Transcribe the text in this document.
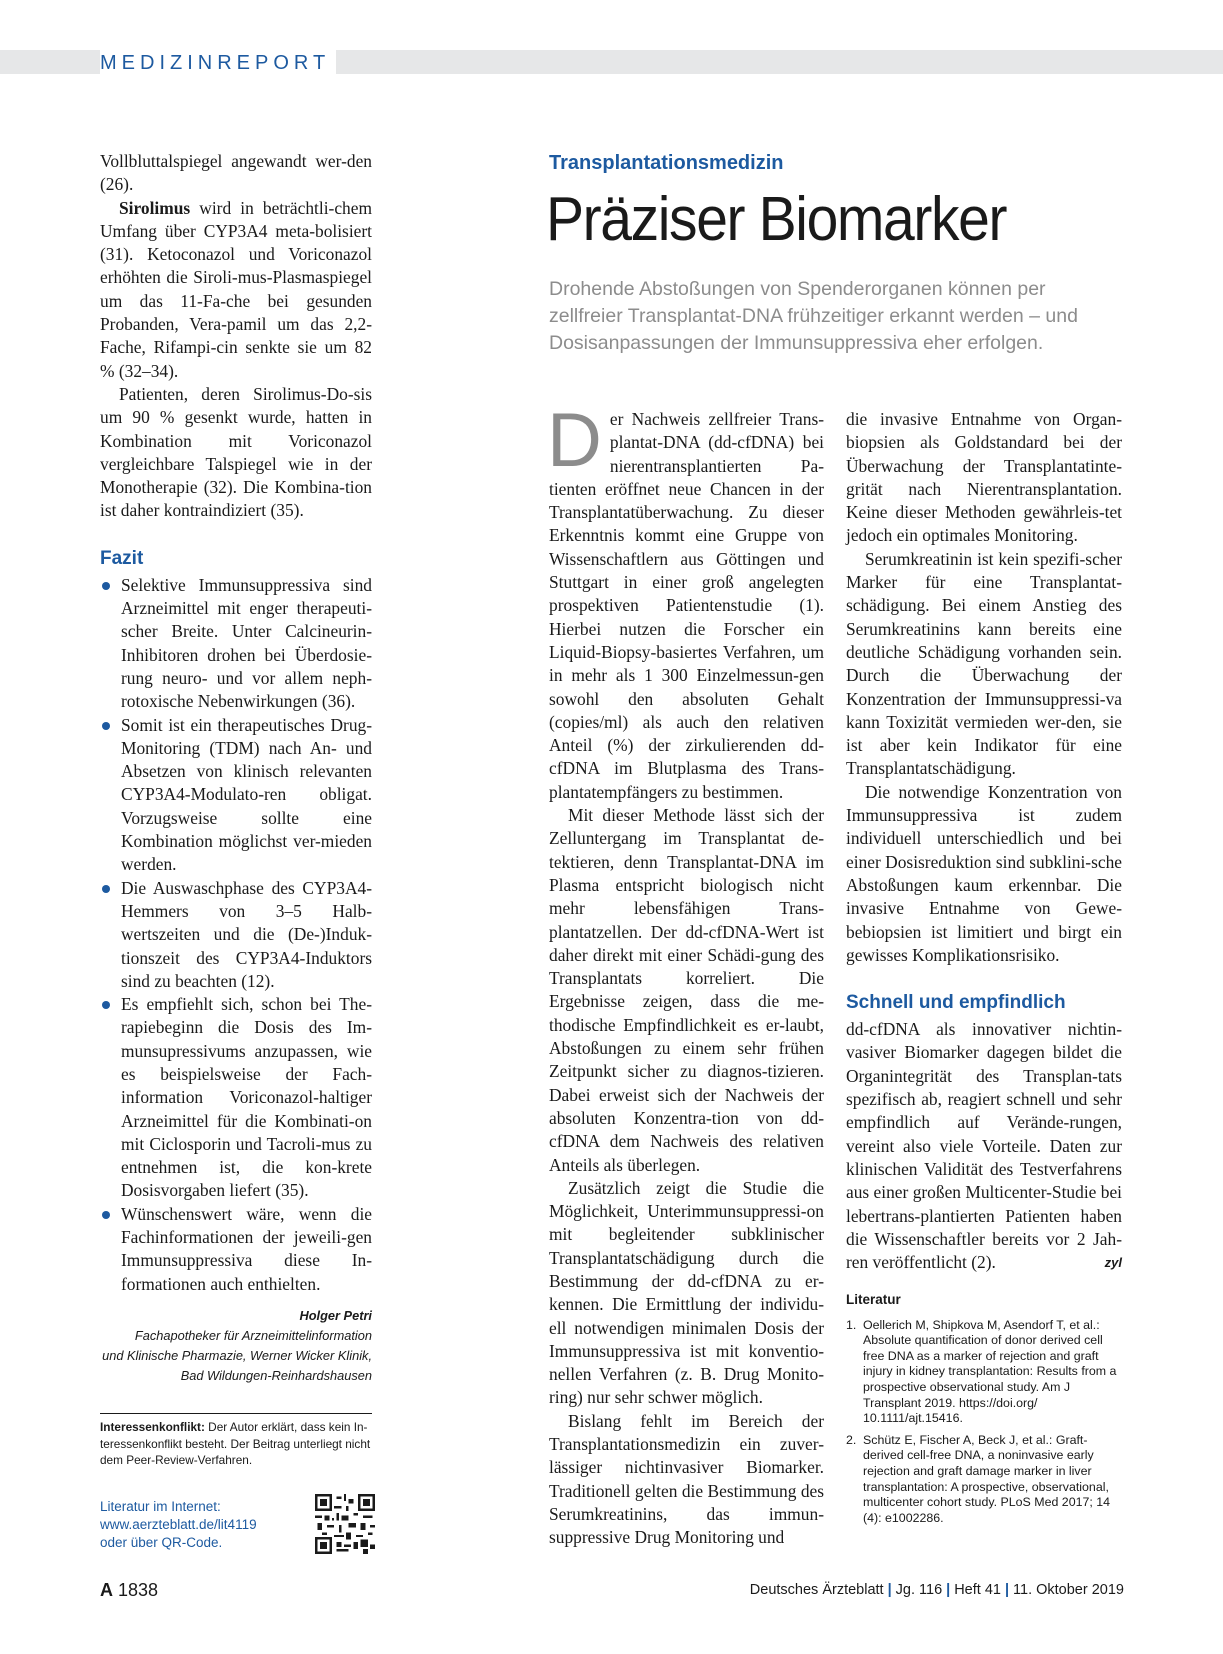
MEDIZINREPORT

Vollbluttalspiegel angewandt wer-den (26).

Sirolimus wird in beträchtli-chem Umfang über CYP3A4 meta-bolisiert (31). Ketoconazol und Voriconazol erhöhten die Siroli-mus-Plasmaspiegel um das 11-Fa-che bei gesunden Probanden, Vera-pamil um das 2,2-Fache, Rifampi-cin senkte sie um 82 % (32–34).

Patienten, deren Sirolimus-Do-sis um 90 % gesenkt wurde, hatten in Kombination mit Voriconazol vergleichbare Talspiegel wie in der Monotherapie (32). Die Kombina-tion ist daher kontraindiziert (35).

Fazit
Selektive Immunsuppressiva sind Arzneimittel mit enger therapeuti-scher Breite. Unter Calcineurin-Inhibitoren drohen bei Überdosie-rung neuro- und vor allem neph-rotoxische Nebenwirkungen (36).
Somit ist ein therapeutisches Drug-Monitoring (TDM) nach An- und Absetzen von klinisch relevanten CYP3A4-Modulato-ren obligat. Vorzugsweise sollte eine Kombination möglichst ver-mieden werden.
Die Auswaschphase des CYP3A4-Hemmers von 3–5 Halb-wertszeiten und die (De-)Induk-tionszeit des CYP3A4-Induktors sind zu beachten (12).
Es empfiehlt sich, schon bei The-rapiebeginn die Dosis des Im-munsupressivums anzupassen, wie es beispielsweise der Fach-information Voriconazol-haltiger Arzneimittel für die Kombinati-on mit Ciclosporin und Tacroli-mus zu entnehmen ist, die kon-krete Dosisvorgaben liefert (35).
Wünschenswert wäre, wenn die Fachinformationen der jeweili-gen Immunsuppressiva diese In-formationen auch enthielten.
Holger Petri
Fachapotheker für Arzneimittelinformation
und Klinische Pharmazie, Werner Wicker Klinik,
Bad Wildungen-Reinhardshausen
Interessenkonflikt: Der Autor erklärt, dass kein In-teressenkonflikt besteht. Der Beitrag unterliegt nicht dem Peer-Review-Verfahren.
Literatur im Internet:
www.aerzteblatt.de/lit4119
oder über QR-Code.
Transplantationsmedizin
Präziser Biomarker
Drohende Abstoßungen von Spenderorganen können per zellfreier Transplantat-DNA frühzeitiger erkannt werden – und Dosisanpassungen der Immunsuppressiva eher erfolgen.

Der Nachweis zellfreier Trans-plantat-DNA (dd-cfDNA) bei nierentransplantierten Pa-tienten eröffnet neue Chancen in der Transplantatüberwachung. Zu dieser Erkenntnis kommt eine Gruppe von Wissenschaftlern aus Göttingen und Stuttgart in einer groß angelegten prospektiven Patientenstudie (1). Hierbei nutzen die Forscher ein Liquid-Biopsy-basiertes Verfahren, um in mehr als 1 300 Einzelmessun-gen sowohl den absoluten Gehalt (copies/ml) als auch den relativen Anteil (%) der zirkulierenden dd-cfDNA im Blutplasma des Trans-plantatempfängers zu bestimmen.

Mit dieser Methode lässt sich der Zelluntergang im Transplantat de-tektieren, denn Transplantat-DNA im Plasma entspricht biologisch nicht mehr lebensfähigen Trans-plantatzellen. Der dd-cfDNA-Wert ist daher direkt mit einer Schädi-gung des Transplantats korreliert. Die Ergebnisse zeigen, dass die me-thodische Empfindlichkeit es er-laubt, Abstoßungen zu einem sehr frühen Zeitpunkt sicher zu diagnos-tizieren. Dabei erweist sich der Nachweis der absoluten Konzentra-tion von dd-cfDNA dem Nachweis des relativen Anteils als überlegen.

Zusätzlich zeigt die Studie die Möglichkeit, Unterimmunsuppressi-on mit begleitender subklinischer Transplantatschädigung durch die Bestimmung der dd-cfDNA zu er-kennen. Die Ermittlung der individu-ell notwendigen minimalen Dosis der Immunsuppressiva ist mit konventio-nellen Verfahren (z. B. Drug Monito-ring) nur sehr schwer möglich.

Bislang fehlt im Bereich der Transplantationsmedizin ein zuver-lässiger nichtinvasiver Biomarker. Traditionell gelten die Bestimmung des Serumkreatinins, das immun-suppressive Drug Monitoring und

die invasive Entnahme von Organ-biopsien als Goldstandard bei der Überwachung der Transplantatinte-grität nach Nierentransplantation. Keine dieser Methoden gewährleis-tet jedoch ein optimales Monitoring.

Serumkreatinin ist kein spezifi-scher Marker für eine Transplantat-schädigung. Bei einem Anstieg des Serumkreatinins kann bereits eine deutliche Schädigung vorhanden sein. Durch die Überwachung der Konzentration der Immunsuppressi-va kann Toxizität vermieden wer-den, sie ist aber kein Indikator für eine Transplantatschädigung.

Die notwendige Konzentration von Immunsuppressiva ist zudem individuell unterschiedlich und bei einer Dosisreduktion sind subklini-sche Abstoßungen kaum erkennbar. Die invasive Entnahme von Gewe-bebiopsien ist limitiert und birgt ein gewisses Komplikationsrisiko.

Schnell und empfindlich

dd-cfDNA als innovativer nichtin-vasiver Biomarker dagegen bildet die Organintegrität des Transplan-tats spezifisch ab, reagiert schnell und sehr empfindlich auf Verände-rungen, vereint also viele Vorteile. Daten zur klinischen Validität des Testverfahrens aus einer großen Multicenter-Studie bei lebertrans-plantierten Patienten haben die Wissenschaftler bereits vor 2 Jah-ren veröffentlicht (2).	zyl

Literatur
1. Oellerich M, Shipkova M, Asendorf T, et al.: Absolute quantification of donor derived cell free DNA as a marker of rejection and graft injury in kidney transplantation: Results from a prospective observational study. Am J Transplant 2019. https://doi.org/ 10.1111/ajt.15416.
2. Schütz E, Fischer A, Beck J, et al.: Graft-derived cell-free DNA, a noninvasive early rejection and graft damage marker in liver transplantation: A prospective, observational, multicenter cohort study. PLoS Med 2017; 14 (4): e1002286.
A 1838	Deutsches Ärzteblatt | Jg. 116 | Heft 41 | 11. Oktober 2019
